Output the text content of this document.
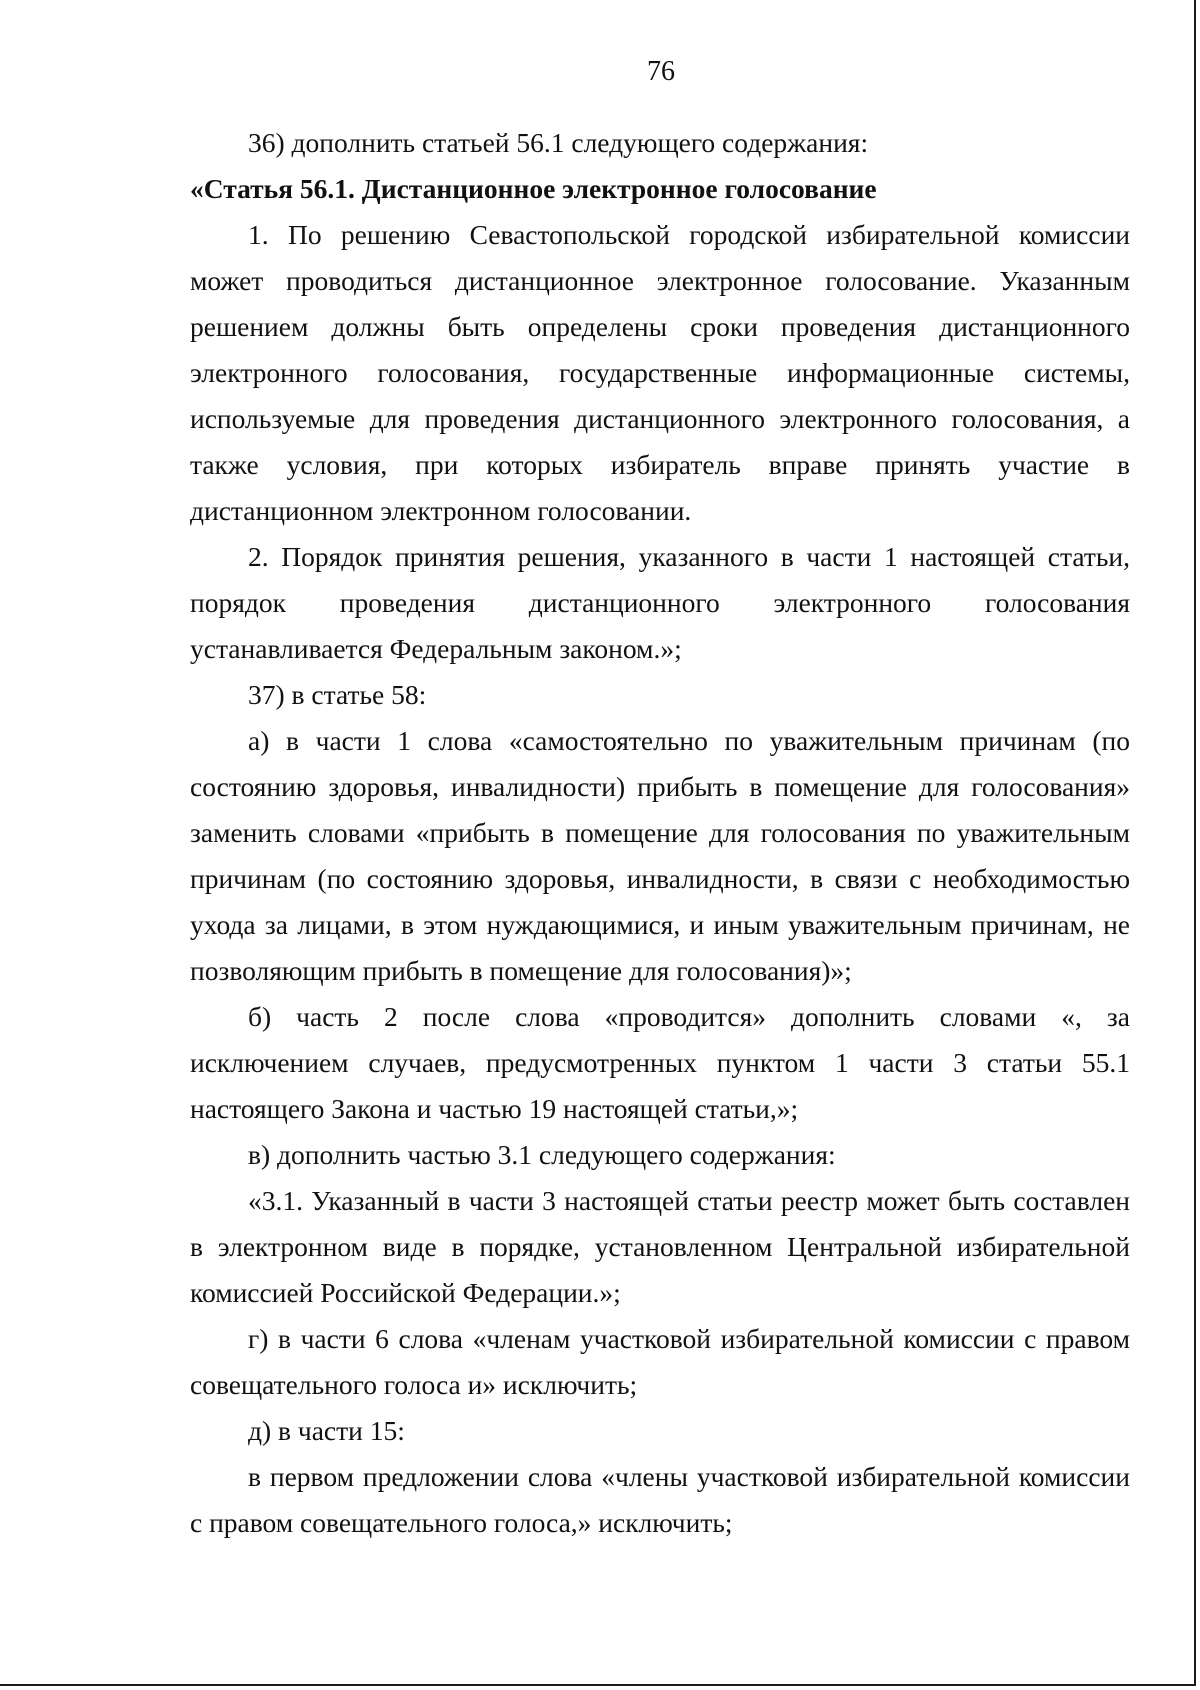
76

36) дополнить статьей 56.1 следующего содержания:

«Статья 56.1. Дистанционное электронное голосование

1. По решению Севастопольской городской избирательной комиссии может проводиться дистанционное электронное голосование. Указанным решением должны быть определены сроки проведения дистанционного электронного голосования, государственные информационные системы, используемые для проведения дистанционного электронного голосования, а также условия, при которых избиратель вправе принять участие в дистанционном электронном голосовании.

2. Порядок принятия решения, указанного в части 1 настоящей статьи, порядок проведения дистанционного электронного голосования устанавливается Федеральным законом.»;

37) в статье 58:

а) в части 1 слова «самостоятельно по уважительным причинам (по состоянию здоровья, инвалидности) прибыть в помещение для голосования» заменить словами «прибыть в помещение для голосования по уважительным причинам (по состоянию здоровья, инвалидности, в связи с необходимостью ухода за лицами, в этом нуждающимися, и иным уважительным причинам, не позволяющим прибыть в помещение для голосования)»;

б) часть 2 после слова «проводится» дополнить словами «, за исключением случаев, предусмотренных пунктом 1 части 3 статьи 55.1 настоящего Закона и частью 19 настоящей статьи,»;

в) дополнить частью 3.1 следующего содержания:

«3.1. Указанный в части 3 настоящей статьи реестр может быть составлен в электронном виде в порядке, установленном Центральной избирательной комиссией Российской Федерации.»;

г) в части 6 слова «членам участковой избирательной комиссии с правом совещательного голоса и» исключить;

д) в части 15:

в первом предложении слова «члены участковой избирательной комиссии с правом совещательного голоса,» исключить;
